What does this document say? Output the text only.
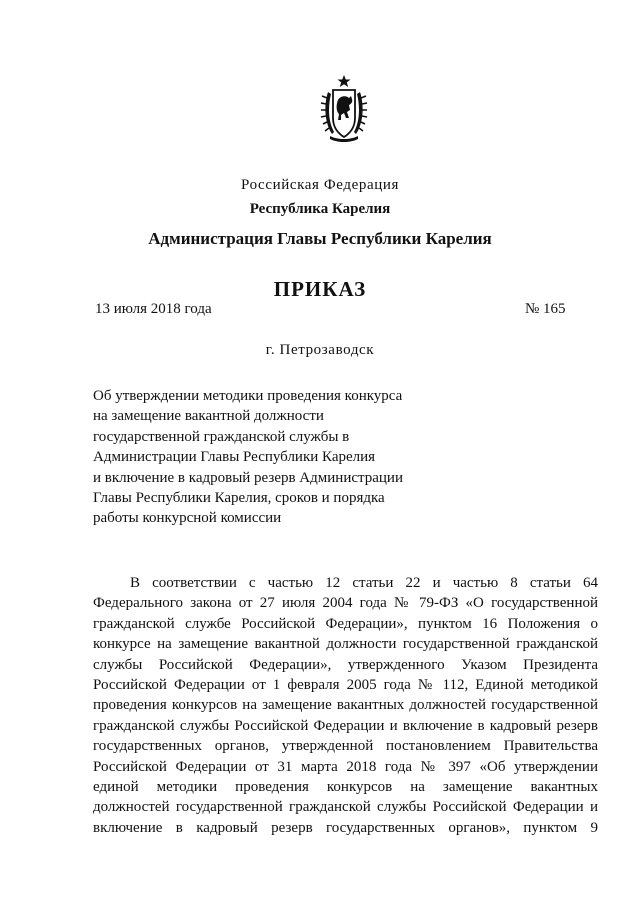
Российская Федерация
Республика Карелия
Администрация Главы Республики Карелия
ПРИКАЗ
13 июля 2018 года	№ 165
г. Петрозаводск
Об утверждении методики проведения конкурса
на замещение вакантной должности
государственной гражданской службы в
Администрации Главы Республики Карелия
и включение в кадровый резерв Администрации
Главы Республики Карелия, сроков и порядка
работы конкурсной комиссии
В соответствии с частью 12 статьи 22 и частью 8 статьи 64
Федерального закона от 27 июля 2004 года № 79-ФЗ «О государственной
гражданской службе Российской Федерации», пунктом 16 Положения о
конкурсе на замещение вакантной должности государственной гражданской
службы Российской Федерации», утвержденного Указом Президента
Российской Федерации от 1 февраля 2005 года № 112, Единой методикой
проведения конкурсов на замещение вакантных должностей государственной
гражданской службы Российской Федерации и включение в кадровый резерв
государственных органов, утвержденной постановлением Правительства
Российской Федерации от 31 марта 2018 года № 397 «Об утверждении
единой методики проведения конкурсов на замещение вакантных
должностей государственной гражданской службы Российской Федерации и
включение в кадровый резерв государственных органов», пунктом 9
